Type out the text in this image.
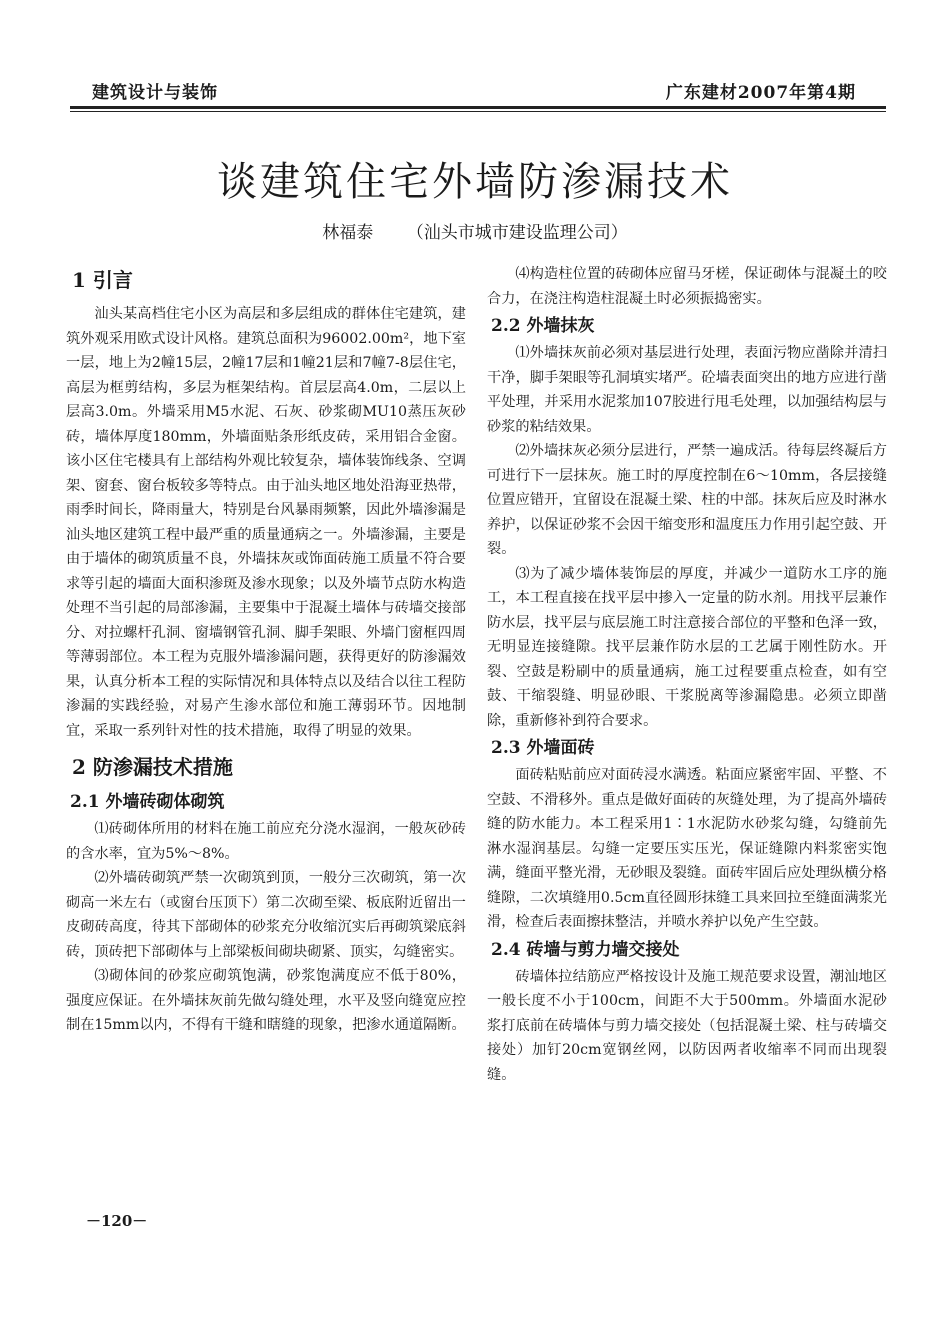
建筑设计与装饰	广东建材2007年第4期
谈建筑住宅外墙防渗漏技术
林福泰 （汕头市城市建设监理公司）
1 引言

汕头某高档住宅小区为高层和多层组成的群体住宅建筑，建筑外观采用欧式设计风格。建筑总面积为96002.00m²，地下室一层，地上为2幢15层，2幢17层和1幢21层和7幢7-8层住宅，高层为框剪结构，多层为框架结构。首层层高4.0m，二层以上层高3.0m。外墙采用M5水泥、石灰、砂浆砌MU10蒸压灰砂砖，墙体厚度180mm，外墙面贴条形纸皮砖，采用铝合金窗。该小区住宅楼具有上部结构外观比较复杂，墙体装饰线条、空调架、窗套、窗台板较多等特点。由于汕头地区地处沿海亚热带，雨季时间长，降雨量大，特别是台风暴雨频繁，因此外墙渗漏是汕头地区建筑工程中最严重的质量通病之一。外墙渗漏，主要是由于墙体的砌筑质量不良，外墙抹灰或饰面砖施工质量不符合要求等引起的墙面大面积渗斑及渗水现象；以及外墙节点防水构造处理不当引起的局部渗漏，主要集中于混凝土墙体与砖墙交接部分、对拉螺杆孔洞、窗墙钢管孔洞、脚手架眼、外墙门窗框四周等薄弱部位。本工程为克服外墙渗漏问题，获得更好的防渗漏效果，认真分析本工程的实际情况和具体特点以及结合以往工程防渗漏的实践经验，对易产生渗水部位和施工薄弱环节。因地制宜，采取一系列针对性的技术措施，取得了明显的效果。

2 防渗漏技术措施
2.1 外墙砖砌体砌筑

⑴砖砌体所用的材料在施工前应充分浇水湿润，一般灰砂砖的含水率，宜为5%～8%。

⑵外墙砖砌筑严禁一次砌筑到顶，一般分三次砌筑，第一次砌高一米左右（或窗台压顶下）第二次砌至梁、板底附近留出一皮砌砖高度，待其下部砌体的砂浆充分收缩沉实后再砌筑梁底斜砖，顶砖把下部砌体与上部梁板间砌块砌紧、顶实，勾缝密实。

⑶砌体间的砂浆应砌筑饱满，砂浆饱满度应不低于80%，强度应保证。在外墙抹灰前先做勾缝处理，水平及竖向缝宽应控制在15mm以内，不得有干缝和瞎缝的现象，把渗水通道隔断。

⑷构造柱位置的砖砌体应留马牙槎，保证砌体与混凝土的咬合力，在浇注构造柱混凝土时必须振捣密实。

2.2 外墙抹灰

⑴外墙抹灰前必须对基层进行处理，表面污物应凿除并清扫干净，脚手架眼等孔洞填实堵严。砼墙表面突出的地方应进行凿平处理，并采用水泥浆加107胶进行甩毛处理，以加强结构层与砂浆的粘结效果。

⑵外墙抹灰必须分层进行，严禁一遍成活。待每层终凝后方可进行下一层抹灰。施工时的厚度控制在6～10mm，各层接缝位置应错开，宜留设在混凝土梁、柱的中部。抹灰后应及时淋水养护，以保证砂浆不会因干缩变形和温度压力作用引起空鼓、开裂。

⑶为了减少墙体装饰层的厚度，并减少一道防水工序的施工，本工程直接在找平层中掺入一定量的防水剂。用找平层兼作防水层，找平层与底层施工时注意接合部位的平整和色泽一致，无明显连接缝隙。找平层兼作防水层的工艺属于刚性防水。开裂、空鼓是粉刷中的质量通病，施工过程要重点检查，如有空鼓、干缩裂缝、明显砂眼、干浆脱离等渗漏隐患。必须立即凿除，重新修补到符合要求。

2.3 外墙面砖

面砖粘贴前应对面砖浸水满透。粘面应紧密牢固、平整、不空鼓、不滑移外。重点是做好面砖的灰缝处理，为了提高外墙砖缝的防水能力。本工程采用1∶1水泥防水砂浆勾缝，勾缝前先淋水湿润基层。勾缝一定要压实压光，保证缝隙内料浆密实饱满，缝面平整光滑，无砂眼及裂缝。面砖牢固后应处理纵横分格缝隙，二次填缝用0.5cm直径圆形抹缝工具来回拉至缝面满浆光滑，检查后表面擦抹整洁，并喷水养护以免产生空鼓。

2.4 砖墙与剪力墙交接处

砖墙体拉结筋应严格按设计及施工规范要求设置，潮汕地区一般长度不小于100cm，间距不大于500mm。外墙面水泥砂浆打底前在砖墙体与剪力墙交接处（包括混凝土梁、柱与砖墙交接处）加钉20cm宽钢丝网，以防因两者收缩率不同而出现裂缝。

－120－
